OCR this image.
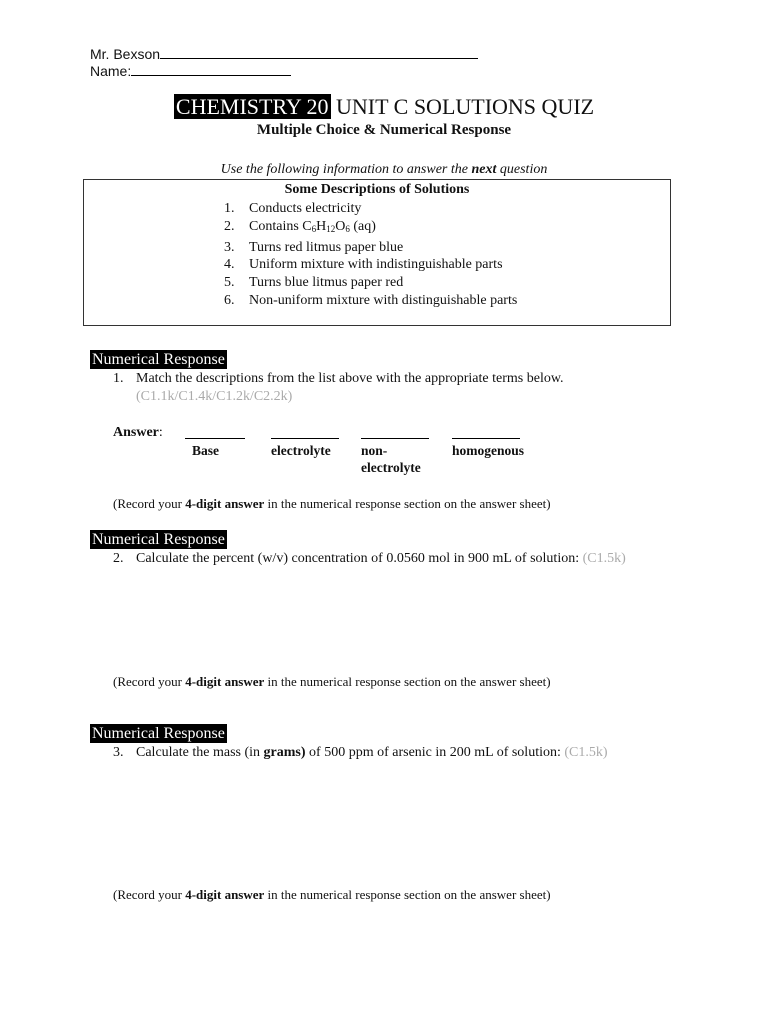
Mr. Bexson
Name:
CHEMISTRY 20 UNIT C SOLUTIONS QUIZ
Multiple Choice & Numerical Response
Use the following information to answer the next question
Some Descriptions of Solutions
1. Conducts electricity
2. Contains $C_6H_{12}O_6$ (aq)
3. Turns red litmus paper blue
4. Uniform mixture with indistinguishable parts
5. Turns blue litmus paper red
6. Non-uniform mixture with distinguishable parts
Numerical Response
1. Match the descriptions from the list above with the appropriate terms below.
(C1.1k/C1.4k/C1.2k/C2.2k)
Answer:
Base	electrolyte non-
electrolyte
homogenous
(Record your 4-digit answer in the numerical response section on the answer sheet)
Numerical Response
2. Calculate the percent (w/v) concentration of 0.0560 mol in 900 mL of solution: (C1.5k)
(Record your 4-digit answer in the numerical response section on the answer sheet)
Numerical Response
3. Calculate the mass (in grams) of 500 ppm of arsenic in 200 mL of solution: (C1.5k)
(Record your 4-digit answer in the numerical response section on the answer sheet)
